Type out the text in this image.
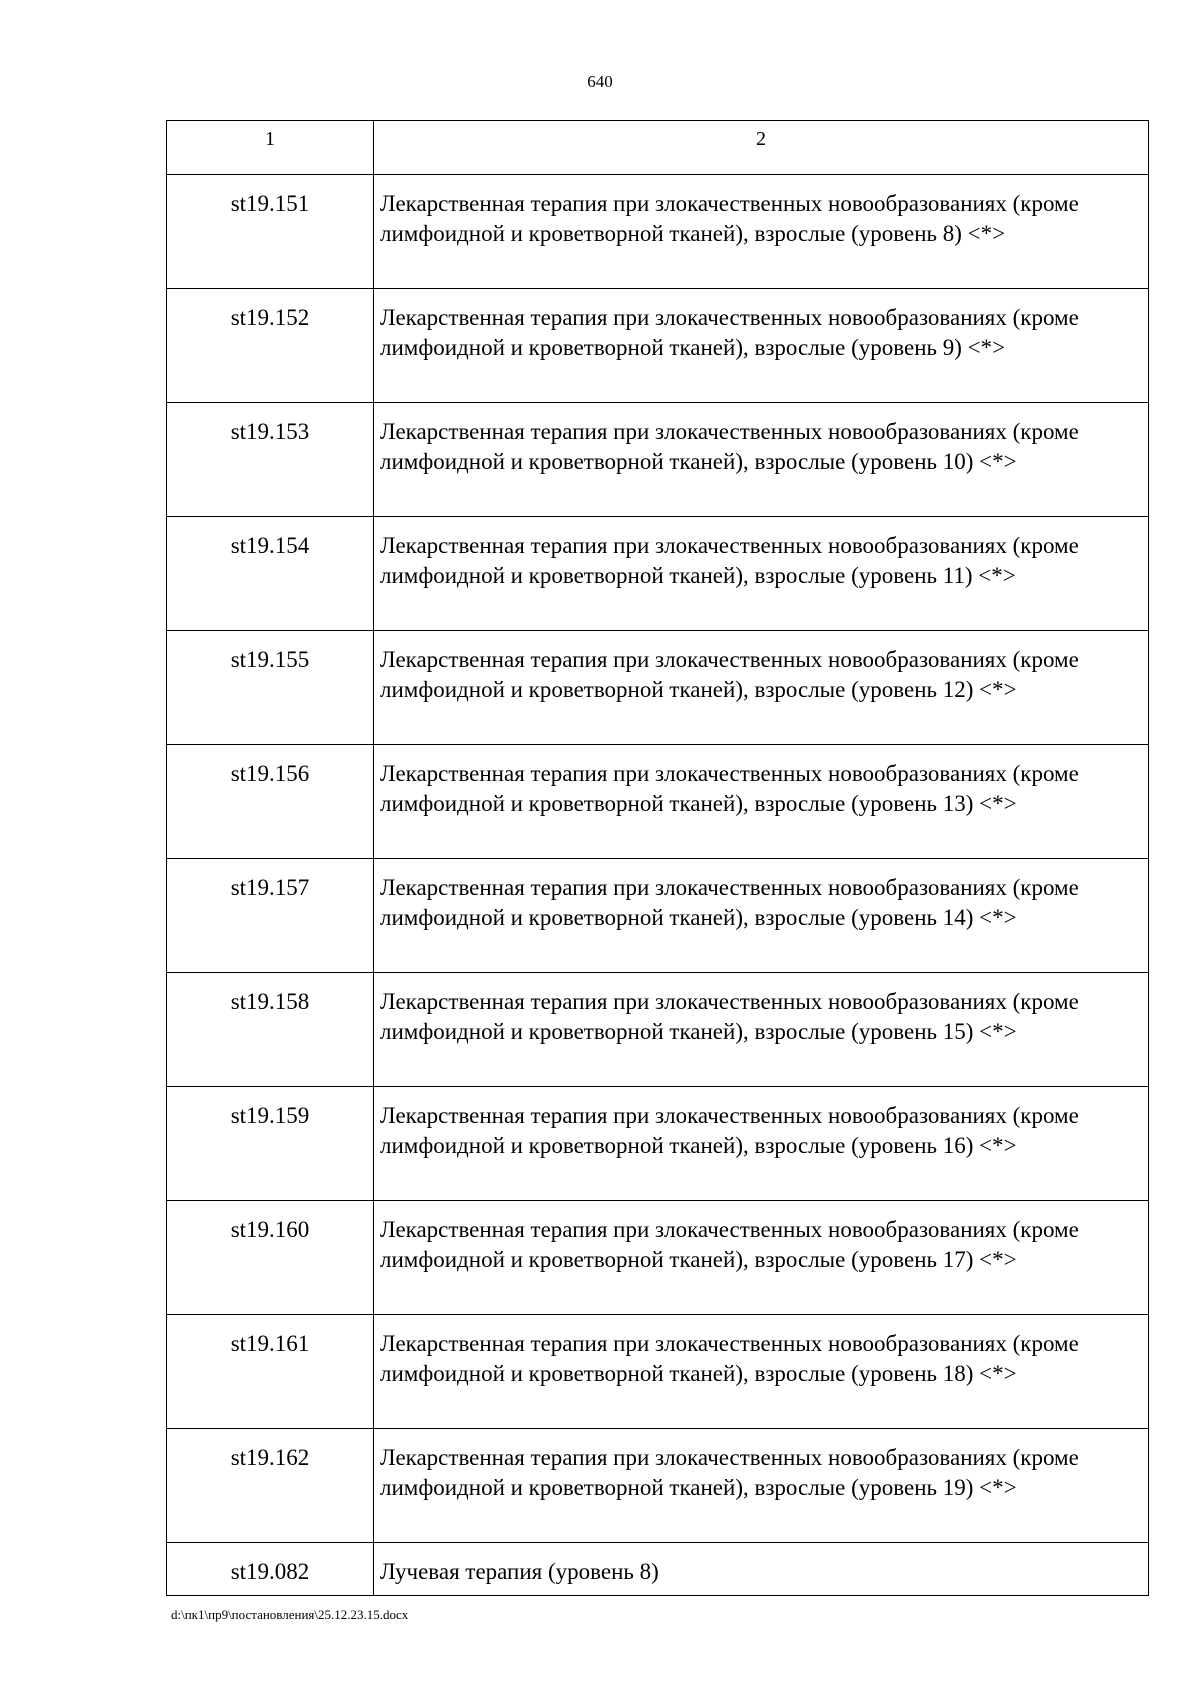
640
1	2
st19.151	Лекарственная терапия при злокачественных новообразованиях (кроме лимфоидной и кроветворной тканей), взрослые (уровень 8) <*>
st19.152	Лекарственная терапия при злокачественных новообразованиях (кроме лимфоидной и кроветворной тканей), взрослые (уровень 9) <*>
st19.153	Лекарственная терапия при злокачественных новообразованиях (кроме лимфоидной и кроветворной тканей), взрослые (уровень 10) <*>
st19.154	Лекарственная терапия при злокачественных новообразованиях (кроме лимфоидной и кроветворной тканей), взрослые (уровень 11) <*>
st19.155	Лекарственная терапия при злокачественных новообразованиях (кроме лимфоидной и кроветворной тканей), взрослые (уровень 12) <*>
st19.156	Лекарственная терапия при злокачественных новообразованиях (кроме лимфоидной и кроветворной тканей), взрослые (уровень 13) <*>
st19.157	Лекарственная терапия при злокачественных новообразованиях (кроме лимфоидной и кроветворной тканей), взрослые (уровень 14) <*>
st19.158	Лекарственная терапия при злокачественных новообразованиях (кроме лимфоидной и кроветворной тканей), взрослые (уровень 15) <*>
st19.159	Лекарственная терапия при злокачественных новообразованиях (кроме лимфоидной и кроветворной тканей), взрослые (уровень 16) <*>
st19.160	Лекарственная терапия при злокачественных новообразованиях (кроме лимфоидной и кроветворной тканей), взрослые (уровень 17) <*>
st19.161	Лекарственная терапия при злокачественных новообразованиях (кроме лимфоидной и кроветворной тканей), взрослые (уровень 18) <*>
st19.162	Лекарственная терапия при злокачественных новообразованиях (кроме лимфоидной и кроветворной тканей), взрослые (уровень 19) <*>
st19.082	Лучевая терапия (уровень 8)
d:\пк1\пр9\постановления\25.12.23.15.docx
